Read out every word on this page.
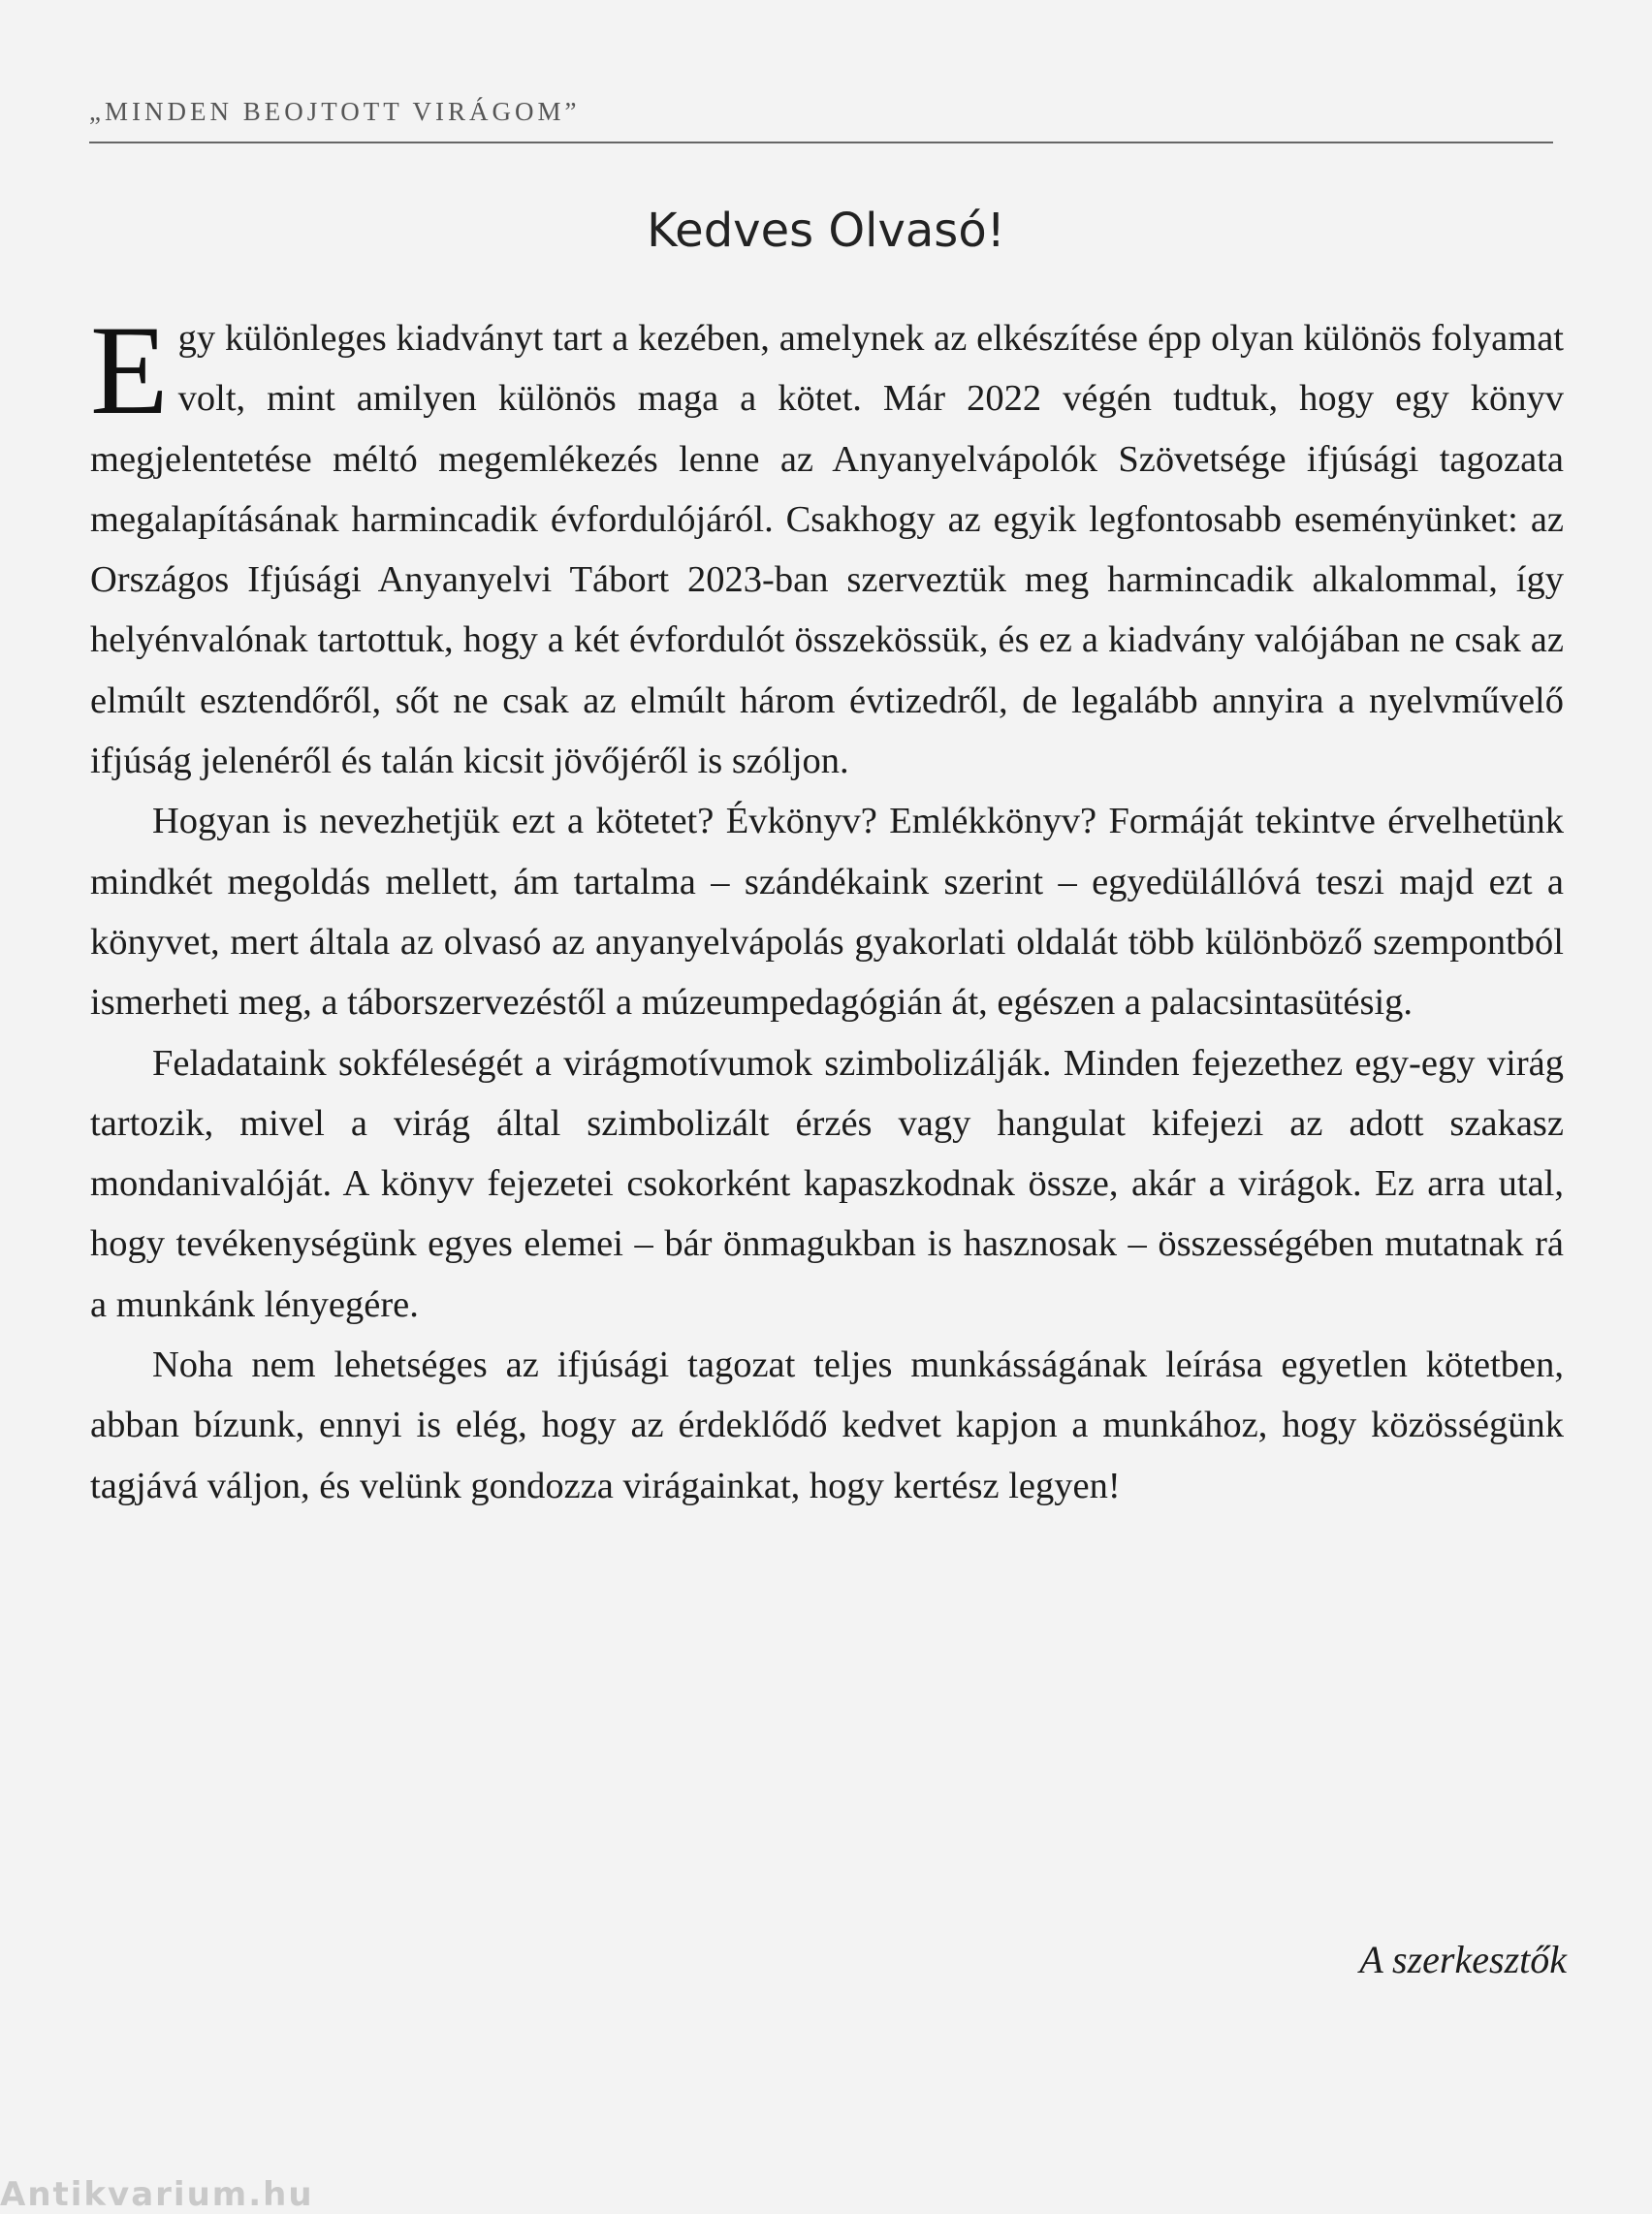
„MINDEN BEOJTOTT VIRÁGOM”
Kedves Olvasó!

Egy különleges kiadványt tart a kezében, amelynek az elkészítése épp olyan különös folyamat volt, mint amilyen különös maga a kötet. Már 2022 végén tudtuk, hogy egy könyv megjelentetése méltó megemlékezés lenne az Anyanyelvápolók Szövetsége ifjúsági tagozata megalapításának harmincadik évfordulójáról. Csakhogy az egyik legfontosabb eseményünket: az Országos Ifjúsági Anyanyelvi Tábort 2023-ban szerveztük meg harmincadik alkalommal, így helyénvalónak tartottuk, hogy a két évfordulót összekössük, és ez a kiadvány valójában ne csak az elmúlt esztendőről, sőt ne csak az elmúlt három évtizedről, de legalább annyira a nyelvművelő ifjúság jelenéről és talán kicsit jövőjéről is szóljon.

Hogyan is nevezhetjük ezt a kötetet? Évkönyv? Emlékkönyv? Formáját tekintve érvelhetünk mindkét megoldás mellett, ám tartalma – szándékaink szerint – egyedülállóvá teszi majd ezt a könyvet, mert általa az olvasó az anyanyelvápolás gyakorlati oldalát több különböző szempontból ismerheti meg, a táborszervezéstől a múzeumpedagógián át, egészen a palacsintasütésig.

Feladataink sokféleségét a virágmotívumok szimbolizálják. Minden fejezethez egy-egy virág tartozik, mivel a virág által szimbolizált érzés vagy hangulat kifejezi az adott szakasz mondanivalóját. A könyv fejezetei csokorként kapaszkodnak össze, akár a virágok. Ez arra utal, hogy tevékenységünk egyes elemei – bár önmagukban is hasznosak – összességében mutatnak rá a munkánk lényegére.

Noha nem lehetséges az ifjúsági tagozat teljes munkásságának leírása egyetlen kötetben, abban bízunk, ennyi is elég, hogy az érdeklődő kedvet kapjon a munkához, hogy közösségünk tagjává váljon, és velünk gondozza virágainkat, hogy kertész legyen!

A szerkesztők
Antikvarium.hu
